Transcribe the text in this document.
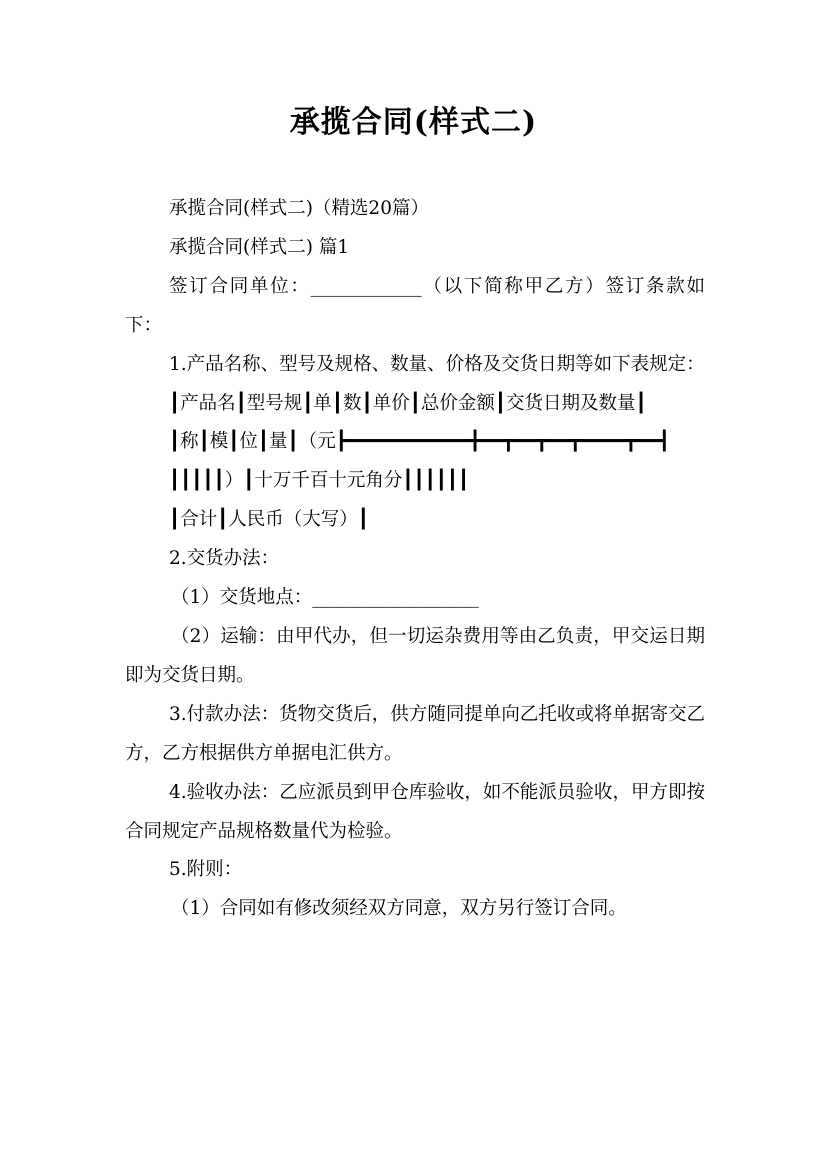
承揽合同(样式二)

承揽合同(样式二)（精选20篇）

承揽合同(样式二) 篇1

签订合同单位：____________（以下简称甲乙方）签订条款如下：

1.产品名称、型号及规格、数量、价格及交货日期等如下表规定：

┃产品名┃型号规┃单┃数┃单价┃总价金额┃交货日期及数量┃

┃称┃模┃位┃量┃（元┣━━━━━━━━━━━╋━━┳━━┳━━┳━━━━┳━━┫

┃┃┃┃┃）┃十万千百十元角分┃┃┃┃┃┃

┃合计┃人民币（大写）┃

2.交货办法：

（1）交货地点：__________________

（2）运输：由甲代办，但一切运杂费用等由乙负责，甲交运日期即为交货日期。

3.付款办法：货物交货后，供方随同提单向乙托收或将单据寄交乙方，乙方根据供方单据电汇供方。

4.验收办法：乙应派员到甲仓库验收，如不能派员验收，甲方即按合同规定产品规格数量代为检验。

5.附则：

（1）合同如有修改须经双方同意，双方另行签订合同。
